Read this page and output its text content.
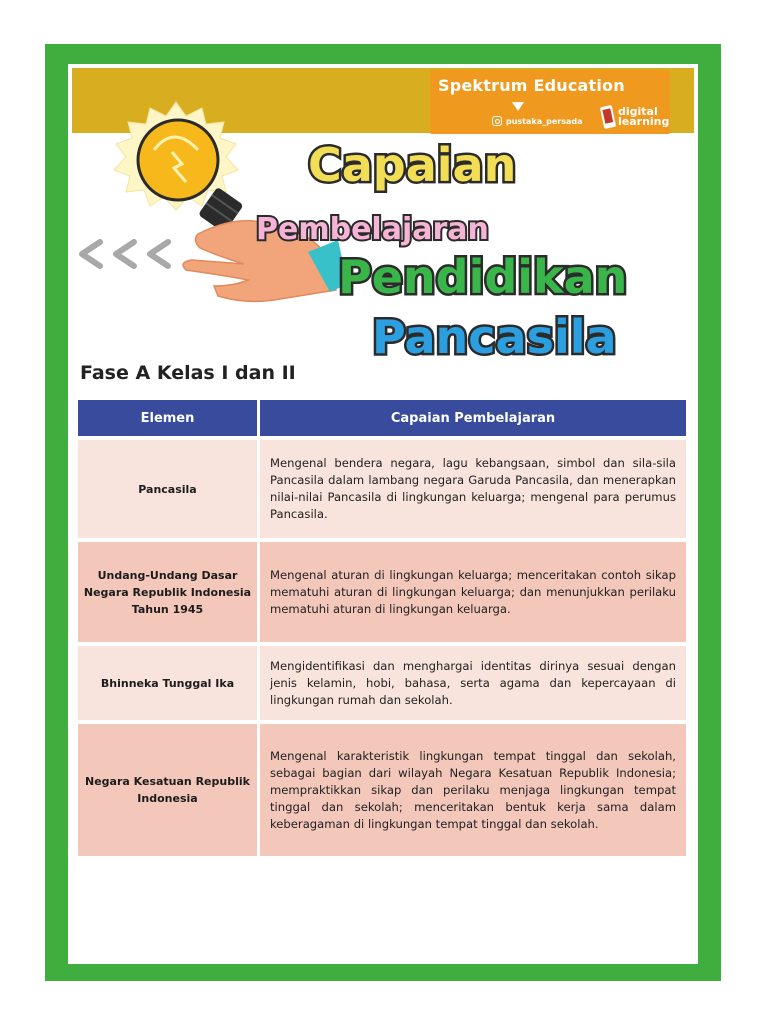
Spektrum Education
pustaka_persada
digital
learning
Capaian
Pembelajaran
Pendidikan
Pancasila
Fase A Kelas I dan II
Elemen	Capaian Pembelajaran
Pancasila	Mengenal bendera negara, lagu kebangsaan, simbol dan sila-sila Pancasila dalam lambang negara Garuda Pancasila, dan menerapkan nilai-nilai Pancasila di lingkungan keluarga; mengenal para perumus Pancasila.
Undang-Undang Dasar Negara Republik Indonesia Tahun 1945	Mengenal aturan di lingkungan keluarga; menceritakan contoh sikap mematuhi aturan di lingkungan keluarga; dan menunjukkan perilaku mematuhi aturan di lingkungan keluarga.
Bhinneka Tunggal Ika	Mengidentifikasi dan menghargai identitas dirinya sesuai dengan jenis kelamin, hobi, bahasa, serta agama dan kepercayaan di lingkungan rumah dan sekolah.
Negara Kesatuan Republik Indonesia	Mengenal karakteristik lingkungan tempat tinggal dan sekolah, sebagai bagian dari wilayah Negara Kesatuan Republik Indonesia; mempraktikkan sikap dan perilaku menjaga lingkungan tempat tinggal dan sekolah; menceritakan bentuk kerja sama dalam keberagaman di lingkungan tempat tinggal dan sekolah.
